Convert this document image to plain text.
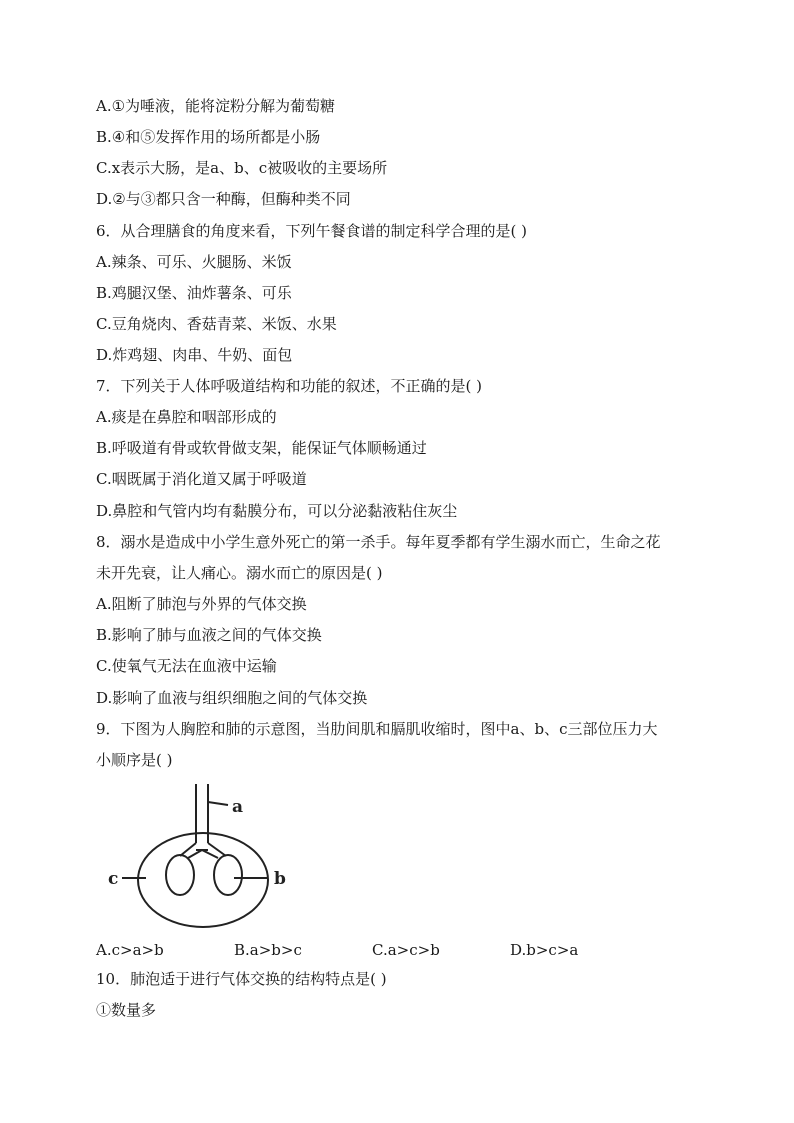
A.①为唾液，能将淀粉分解为葡萄糖
B.④和⑤发挥作用的场所都是小肠
C.x表示大肠，是a、b、c被吸收的主要场所
D.②与③都只含一种酶，但酶种类不同
6．从合理膳食的角度来看，下列午餐食谱的制定科学合理的是( )
A.辣条、可乐、火腿肠、米饭
B.鸡腿汉堡、油炸薯条、可乐
C.豆角烧肉、香菇青菜、米饭、水果
D.炸鸡翅、肉串、牛奶、面包
7．下列关于人体呼吸道结构和功能的叙述，不正确的是( )
A.痰是在鼻腔和咽部形成的
B.呼吸道有骨或软骨做支架，能保证气体顺畅通过
C.咽既属于消化道又属于呼吸道
D.鼻腔和气管内均有黏膜分布，可以分泌黏液粘住灰尘
8．溺水是造成中小学生意外死亡的第一杀手。每年夏季都有学生溺水而亡，生命之花
未开先衰，让人痛心。溺水而亡的原因是( )
A.阻断了肺泡与外界的气体交换
B.影响了肺与血液之间的气体交换
C.使氧气无法在血液中运输
D.影响了血液与组织细胞之间的气体交换
9．下图为人胸腔和肺的示意图，当肋间肌和膈肌收缩时，图中a、b、c三部位压力大
小顺序是( )
a
b
c
A.c>a>b	B.a>b>c	C.a>c>b	D.b>c>a
10．肺泡适于进行气体交换的结构特点是( )
①数量多
